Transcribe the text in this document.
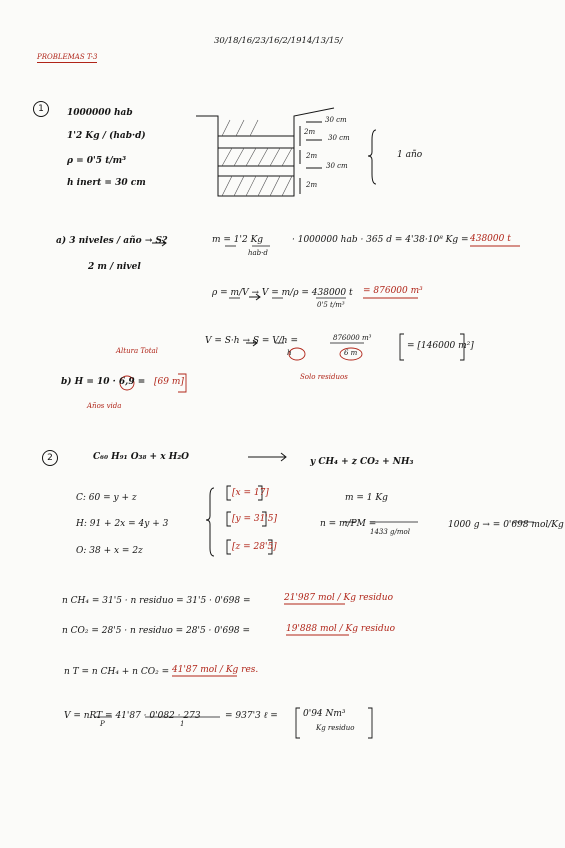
30/18/16/23/16/2/1914/13/15/
PROBLEMAS T-3
1	1000000 hab
1'2 Kg / (hab·d)
ρ = 0'5 t/m³
h inert = 30 cm
30 cm
2m
30 cm
2m
30 cm
2m
1 año
a) 3 niveles / año → S?
2 m / nivel
m = 1'2 Kg
hab·d
· 1000000 hab · 365 d = 4'38·10⁸ Kg = 438000 t
ρ = m/V → V = m/ρ = 438000 t
0'5 t/m³
= 876000 m³
V = S·h → S = V/h =	876000 m³
h	6 m
= [146000 m²]
Solo residuos
Altura Total
b) H = 10 · 6,9 = [69 m]
Años vida
2	C₆₀ H₉₁ O₃₈ + x H₂O	y CH₄ + z CO₂ + NH₃
C: 60 = y + z
H: 91 + 2x = 4y + 3
O: 38 + x = 2z
[x = 17]
[y = 31'5]
[z = 28'5]
m = 1 Kg
n = m/PM =
1433 g/mol
1000 g → = 0'698 mol/Kg
n CH₄ = 31'5 · n residuo = 31'5 · 0'698 =	21'987 mol / Kg residuo
n CO₂ = 28'5 · n residuo = 28'5 · 0'698 =	19'888 mol / Kg residuo
n T = n CH₄ + n CO₂ = 41'87 mol / Kg res.
V = nRT = 41'87 · 0'082 · 273
P	1
= 937'3 ℓ =	0'94 Nm³
Kg residuo
